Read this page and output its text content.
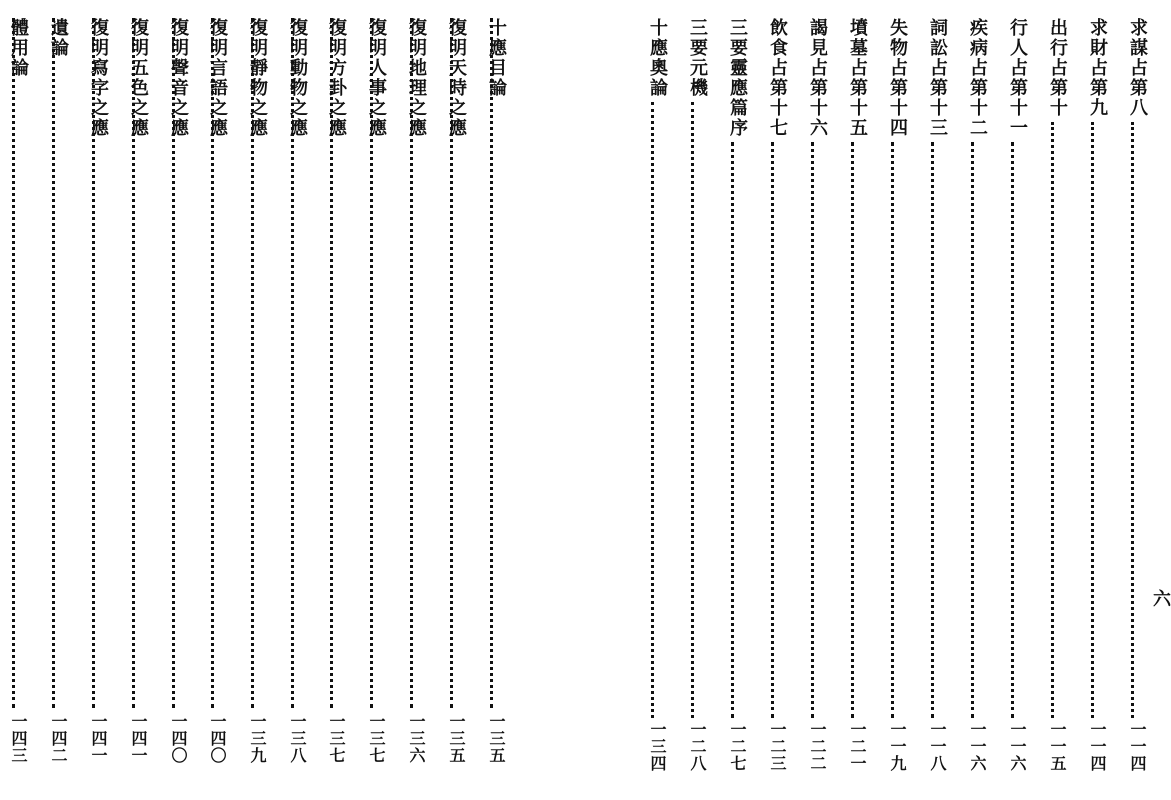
十應目論
一三五
復明天時之應
一三五
復明地理之應
一三六
復明人事之應
一三七
復明方卦之應
一三七
復明動物之應
一三八
復明靜物之應
一三九
復明言語之應
一四〇
復明聲音之應
一四〇
復明五色之應
一四一
復明寫字之應
一四一
遺論
一四二
體用論
一四三
求謀占第八
一一四
求財占第九
一一四
出行占第十
一一五
行人占第十一
一一六
疾病占第十二
一一六
詞訟占第十三
一一八
失物占第十四
一一九
墳墓占第十五
一二一
謁見占第十六
一二二
飲食占第十七
一二三
三要靈應篇序
一二七
三要元機
一二八
十應奧論
一三四
六
